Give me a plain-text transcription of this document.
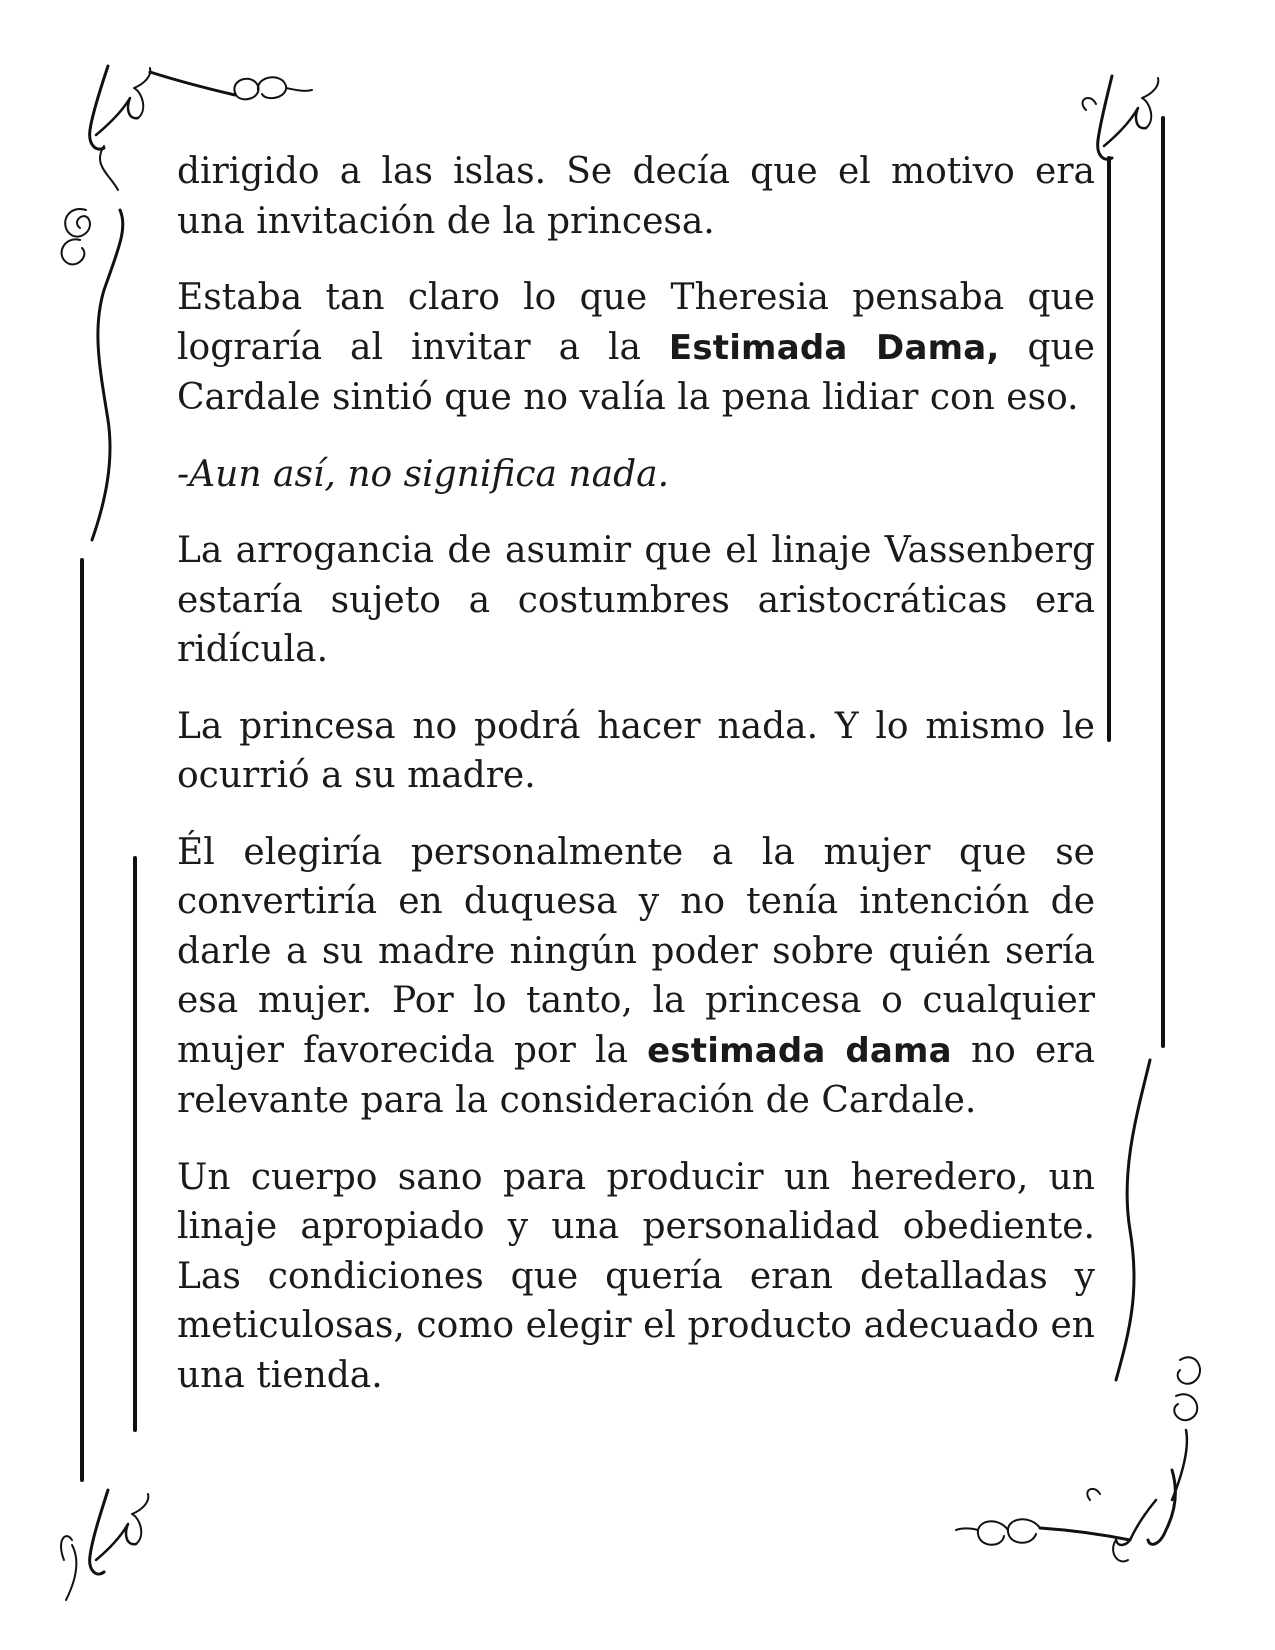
dirigido a las islas. Se decía que el motivo era una invitación de la princesa.

Estaba tan claro lo que Theresia pensaba que lograría al invitar a la Estimada Dama, que Cardale sintió que no valía la pena lidiar con eso.

-Aun así, no significa nada.

La arrogancia de asumir que el linaje Vassenberg estaría sujeto a costumbres aristocráticas era ridícula.

La princesa no podrá hacer nada. Y lo mismo le ocurrió a su madre.

Él elegiría personalmente a la mujer que se convertiría en duquesa y no tenía intención de darle a su madre ningún poder sobre quién sería esa mujer. Por lo tanto, la princesa o cualquier mujer favorecida por la estimada dama no era relevante para la consideración de Cardale.

Un cuerpo sano para producir un heredero, un linaje apropiado y una personalidad obediente. Las condiciones que quería eran detalladas y meticulosas, como elegir el producto adecuado en una tienda.
